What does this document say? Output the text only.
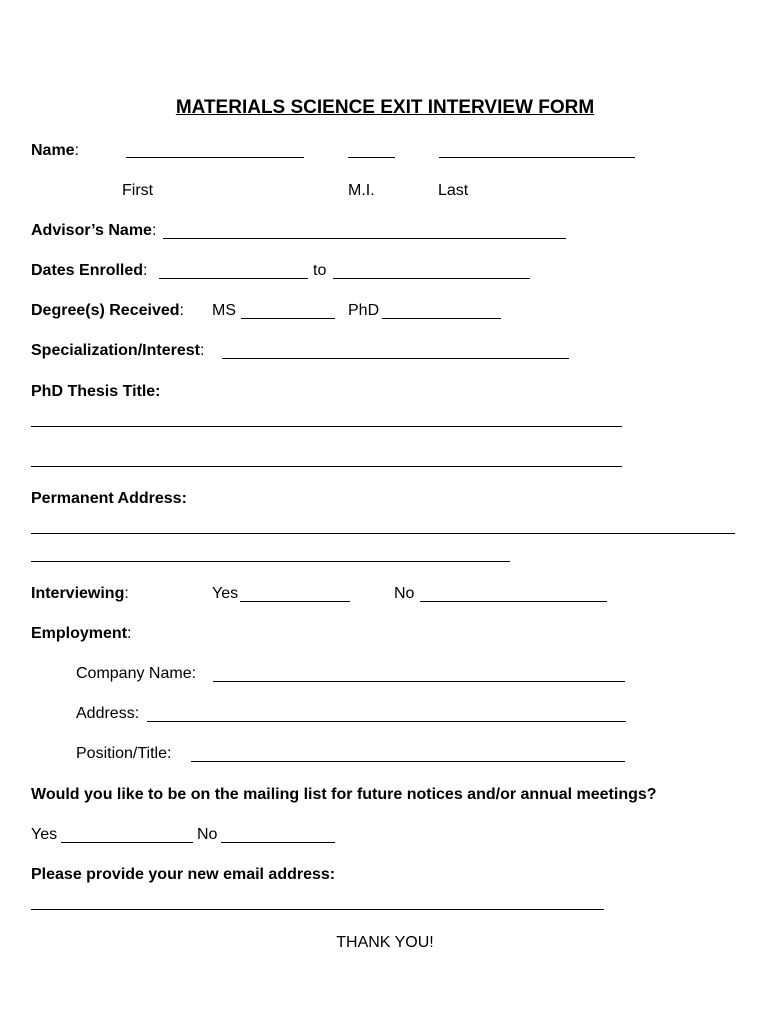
MATERIALS SCIENCE EXIT INTERVIEW FORM
Name:
First	M.I.	Last
Advisor’s Name:
Dates Enrolled:	to
Degree(s) Received: MS	PhD
Specialization/Interest:
PhD Thesis Title:
Permanent Address:
Interviewing:	Yes	No
Employment:
Company Name:
Address:
Position/Title:
Would you like to be on the mailing list for future notices and/or annual meetings?
Yes	No
Please provide your new email address:
THANK YOU!
